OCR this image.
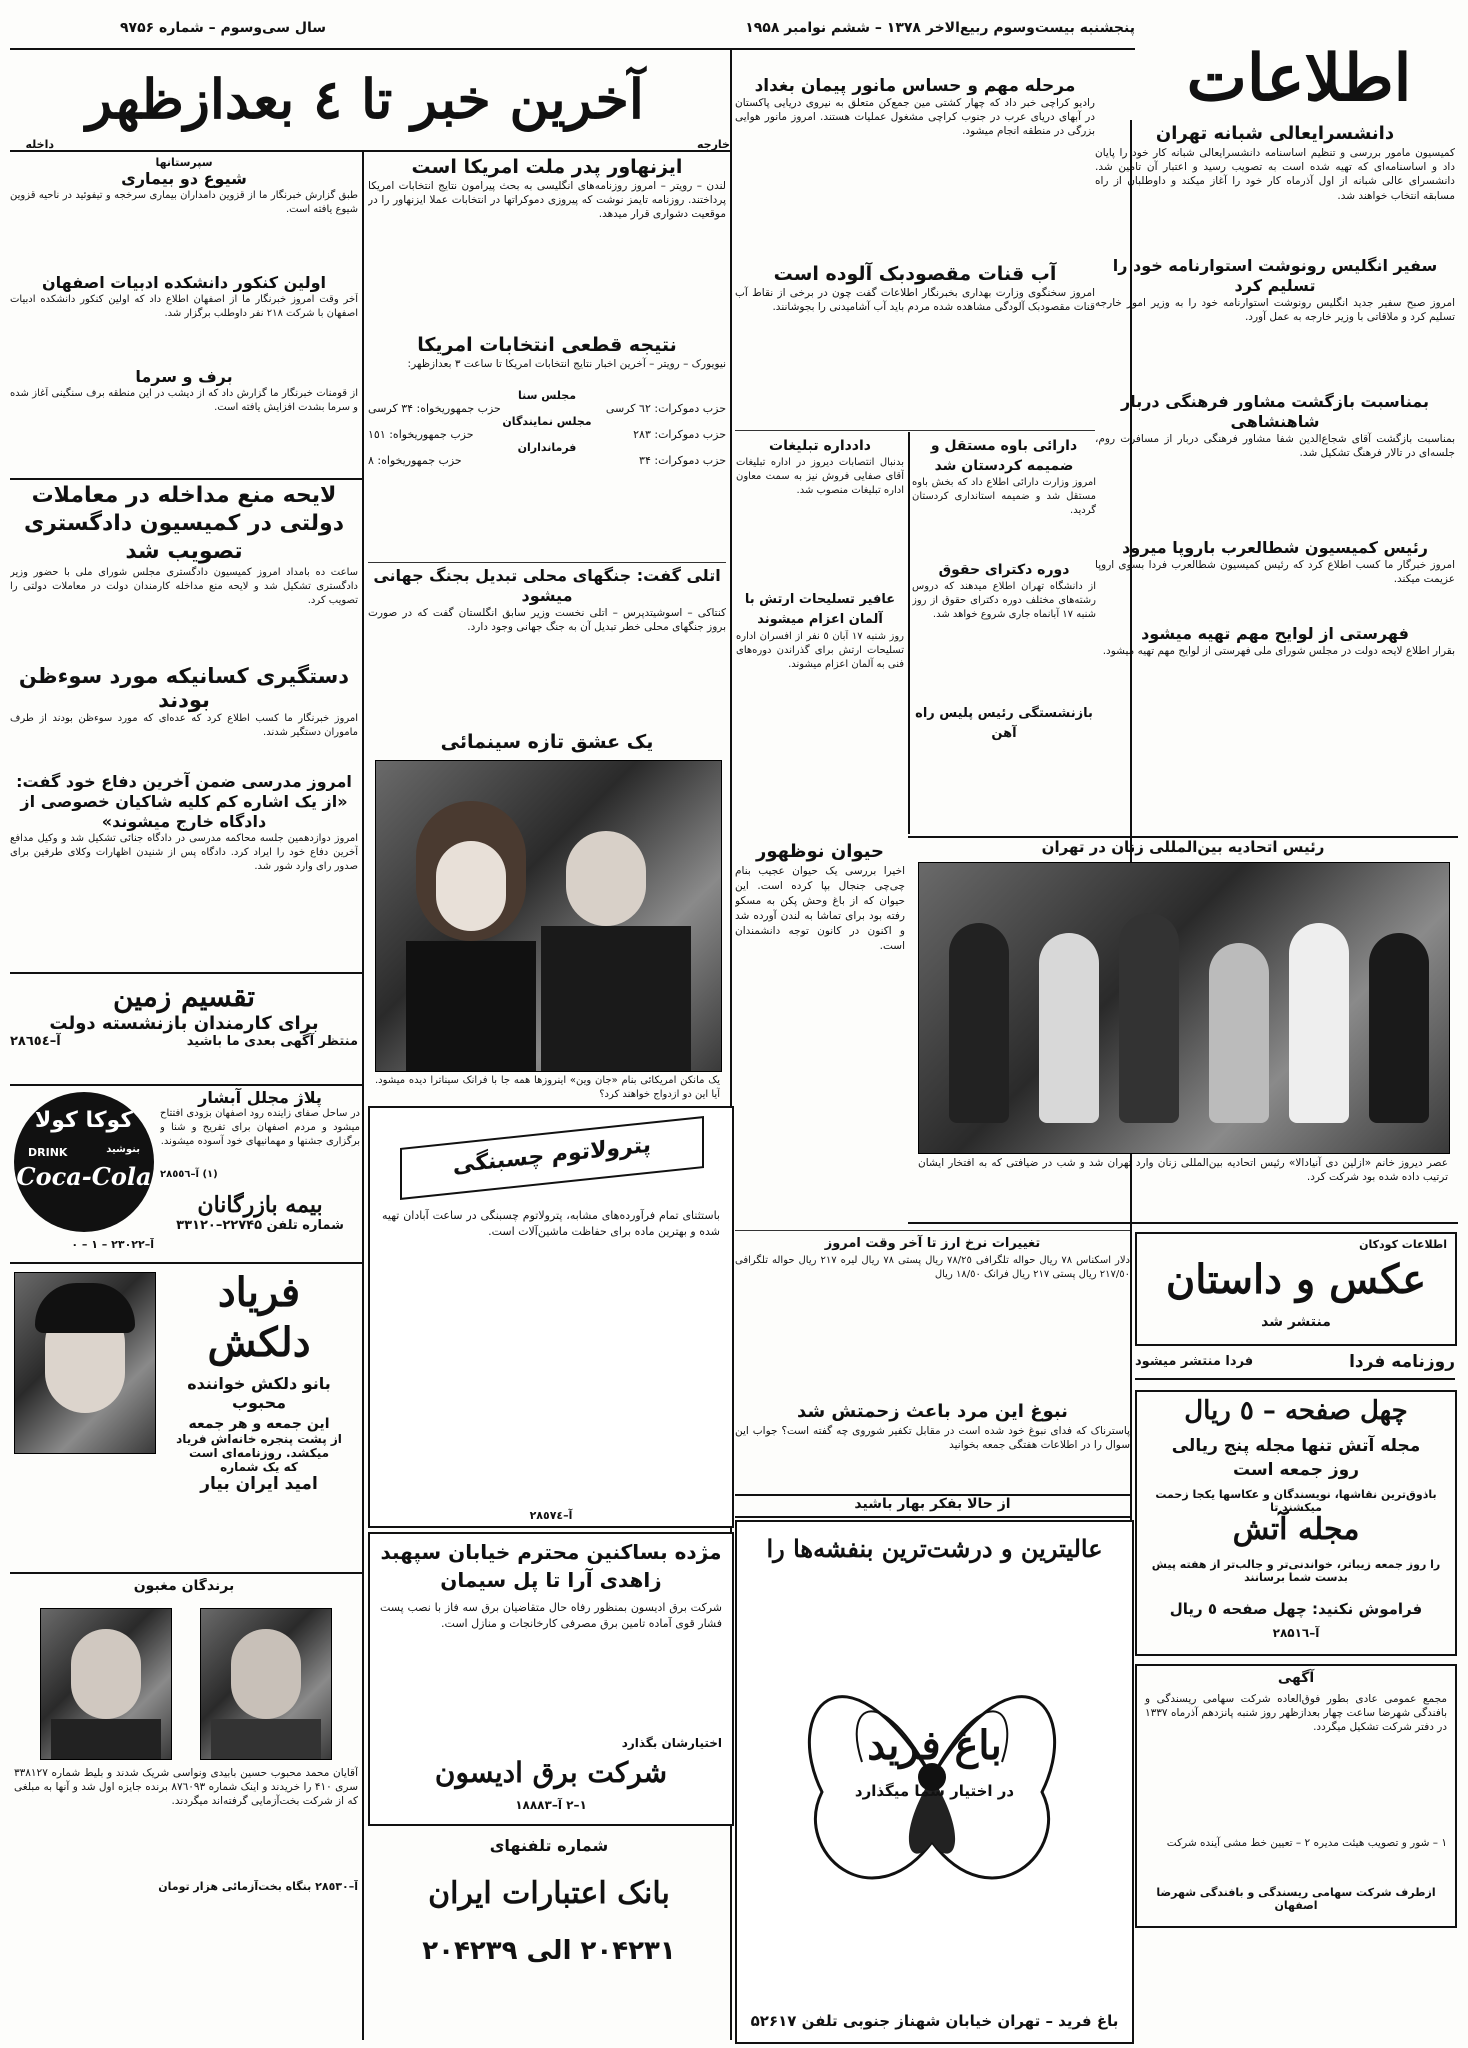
اطلاعات
پنجشنبه بیست‌وسوم ربیع‌الاخر ۱۳۷۸ – ششم نوامبر ۱۹۵۸
سال سی‌وسوم – شماره ۹۷۵۶
آخرین خبر تا ٤ بعدازظهر
داخله	خارجه
دانشسرایعالی شبانه تهران
کمیسیون مامور بررسی و تنظیم اساسنامه دانشسرایعالی شبانه کار خود را پایان داد و اساسنامه‌ای که تهیه شده است به تصویب رسید و اعتبار آن تامین شد. دانشسرای عالی شبانه از اول آذرماه کار خود را آغاز میکند و داوطلبان از راه مسابقه انتخاب خواهند شد.
سفیر انگلیس رونوشت استوارنامه خود را تسلیم کرد
امروز صبح سفیر جدید انگلیس رونوشت استوارنامه خود را به وزیر امور خارجه تسلیم کرد و ملاقاتی با وزیر خارجه به عمل آورد.
بمناسبت بازگشت مشاور فرهنگی دربار شاهنشاهی
بمناسبت بازگشت آقای شجاع‌الدین شفا مشاور فرهنگی دربار از مسافرت روم، جلسه‌ای در تالار فرهنگ تشکیل شد.
رئیس کمیسیون شطالعرب باروپا میرود
امروز خبرگار ما کسب اطلاع کرد که رئیس کمیسیون شطالعرب فردا بسوی اروپا عزیمت میکند.
فهرستی از لوایح مهم تهیه میشود
بقرار اطلاع لایحه دولت در مجلس شورای ملی فهرستی از لوایح مهم تهیه میشود.
رئیس اتحادیه بین‌المللی زنان در تهران
عصر دیروز خانم «ازلین دی آنیادالا» رئیس اتحادیه بین‌المللی زنان وارد تهران شد و شب در ضیافتی که به افتخار ایشان ترتیب داده شده بود شرکت کرد.
اطلاعات کودکان
عکس و داستان
منتشر شد
روزنامه فردا
فردا منتشر میشود
چهل صفحه – ٥ ریال
مجله آتش تنها مجله پنج ریالی
روز جمعه است
باذوق‌ترین نقاشها، نویسندگان و عکاسها یکجا زحمت میکشند تا
مجله آتش
را روز جمعه زیباتر، خواندنی‌تر و جالب‌تر از هفته پیش بدست شما برسانند
فراموش نکنید: چهل صفحه ٥ ریال
آ–۲۸۵۱٦
آگهی
مجمع عمومی عادی بطور فوق‌العاده شرکت سهامی ریسندگی و بافندگی شهرضا ساعت چهار بعدازظهر روز شنبه پانزدهم آذرماه ۱۳۳۷ در دفتر شرکت تشکیل میگردد.
۱ – شور و تصویب هیئت مدیره ۲ – تعیین خط مشی آینده شرکت
ازطرف شرکت سهامی ریسندگی و بافندگی شهرضا اصفهان
مرحله مهم و حساس مانور پیمان بغداد
رادیو کراچی خبر داد که چهار کشتی مین جمع‌کن متعلق به نیروی دریایی پاکستان در آبهای دریای عرب در جنوب کراچی مشغول عملیات هستند. امروز مانور هوایی بزرگی در منطقه انجام میشود.
آب قنات مقصودبک آلوده است
امروز سخنگوی وزارت بهداری بخبرنگار اطلاعات گفت چون در برخی از نقاط آب قنات مقصودبک آلودگی مشاهده شده مردم باید آب آشامیدنی را بجوشانند.
دارائی باوه مستقل و ضمیمه کردستان شد
امروز وزارت دارائی اطلاع داد که بخش باوه مستقل شد و ضمیمه استانداری کردستان گردید.
دوره دکترای حقوق
از دانشگاه تهران اطلاع میدهند که دروس رشته‌های مختلف دوره دکترای حقوق از روز شنبه ۱۷ آبانماه جاری شروع خواهد شد.
بازنشستگی رئیس پلیس راه آهن
دادداره تبلیغات
بدنبال انتصابات دیروز در اداره تبلیغات آقای صفایی فروش نیز به سمت معاون اداره تبلیغات منصوب شد.
عافیر تسلیحات ارتش با آلمان اعزام میشوند
روز شنبه ۱۷ آبان ٥ نفر از افسران اداره تسلیحات ارتش برای گذراندن دوره‌های فنی به آلمان اعزام میشوند.
حیوان نوظهور
اخیرا بررسی یک حیوان عجیب بنام چی‌چی جنجال بپا کرده است. این حیوان که از باغ وحش پکن به مسکو رفته بود برای تماشا به لندن آورده شد و اکنون در کانون توجه دانشمندان است.
پترولاتوم چسبنگی
باستثنای تمام فرآورده‌های مشابه، پترولاتوم چسبنگی در ساعت آبادان تهیه شده و بهترین ماده برای حفاظت ماشین‌آلات است.
آ–۲۸٥٧٤
تغییرات نرخ ارز تا آخر وقت امروز
دلار اسکناس ۷۸ ریال حواله تلگرافی ۷۸/۲٥ ریال پستی ۷۸ ریال لیره ۲۱۷ ریال حواله تلگرافی ۲۱۷/٥۰ ریال پستی ۲۱۷ ریال فرانک ۱۸/٥۰ ریال
نبوغ این مرد باعث زحمتش شد
پاسترناک که فدای نبوغ خود شده است در مقابل تکفیر شوروی چه گفته است؟ جواب این سوال را در اطلاعات هفتگی جمعه بخوانید
از حالا بفکر بهار باشید
عالیترین و درشت‌ترین بنفشه‌ها را
باغ فرید
در اختیار شما میگذارد
باغ فرید – تهران خیابان شهناز جنوبی تلفن ۵۲۶۱۷
ایزنهاور پدر ملت امریکا است
لندن – رویتر – امروز روزنامه‌های انگلیسی به بحث پیرامون نتایج انتخابات امریکا پرداختند. روزنامه تایمز نوشت که پیروزی دموکراتها در انتخابات عملا ایزنهاور را در موقعیت دشواری قرار میدهد.
نتیجه قطعی انتخابات امریکا
نیویورک – رویتر – آخرین اخبار نتایج انتخابات امریکا تا ساعت ۳ بعدازظهر:
مجلس سنا
حزب دموکرات: ٦۲ کرسی
حزب جمهوریخواه: ۳۴ کرسی
مجلس نمایندگان
حزب دموکرات: ۲۸۳
حزب جمهوریخواه: ۱٥۱
فرمانداران
حزب دموکرات: ۳۴
حزب جمهوریخواه: ۸
اتلی گفت: جنگهای محلی تبدیل بجنگ جهانی میشود
کنتاکی – اسوشیتدپرس – اتلی نخست وزیر سابق انگلستان گفت که در صورت بروز جنگهای محلی خطر تبدیل آن به جنگ جهانی وجود دارد.
یک عشق تازه سینمائی
یک مانکن امریکائی بنام «جان وین» اینروزها همه جا با فرانک سیناترا دیده میشود. آیا این دو ازدواج خواهند کرد؟
مژده بساکنین محترم خیابان سپهبد زاهدی آرا تا پل سیمان
شرکت برق ادیسون بمنظور رفاه حال متقاضیان برق سه فاز با نصب پست فشار قوی آماده تامین برق مصرفی کارخانجات و منازل است.
اختیارشان بگذارد
شرکت برق ادیسون
۱–۲ آ–۱۸۸۸۳
شماره تلفنهای
بانک اعتبارات ایران
۲۰۴۲۳۱ الی ۲۰۴۲۳۹
سپرستانها
شیوع دو بیماری
طبق گزارش خبرنگار ما از قزوین دامداران بیماری سرخجه و تیفوئید در ناحیه قزوین شیوع یافته است.
اولین کنکور دانشکده ادبیات اصفهان
آخر وقت امروز خبرنگار ما از اصفهان اطلاع داد که اولین کنکور دانشکده ادبیات اصفهان با شرکت ۲۱۸ نفر داوطلب برگزار شد.
برف و سرما
از قومنات خبرنگار ما گزارش داد که از دیشب در این منطقه برف سنگینی آغاز شده و سرما بشدت افزایش یافته است.
لایحه منع مداخله در معاملات دولتی در کمیسیون دادگستری تصویب شد
ساعت ده بامداد امروز کمیسیون دادگستری مجلس شورای ملی با حضور وزیر دادگستری تشکیل شد و لایحه منع مداخله کارمندان دولت در معاملات دولتی را تصویب کرد.
دستگیری کسانیکه مورد سوءظن بودند
امروز خبرنگار ما کسب اطلاع کرد که عده‌ای که مورد سوءظن بودند از طرف ماموران دستگیر شدند.
امروز مدرسی ضمن آخرین دفاع خود گفت: «از یک اشاره کم کلیه شاکیان خصوصی از دادگاه خارج میشوند»
امروز دوازدهمین جلسه محاکمه مدرسی در دادگاه جنائی تشکیل شد و وکیل مدافع آخرین دفاع خود را ایراد کرد. دادگاه پس از شنیدن اظهارات وکلای طرفین برای صدور رای وارد شور شد.
تقسیم زمین
برای کارمندان بازنشسته دولت
منتظر آگهی بعدی ما باشید
آ–۲۸٦٥٤
پلاژ مجلل آبشار
در ساحل صفای زاینده رود اصفهان بزودی افتتاح میشود و مردم اصفهان برای تفریح و شنا و برگزاری جشنها و مهمانیهای خود آسوده میشوند.
(۱) آ–۲۸٥٥٦
کوکا کولا
DRINK	بنوشید
Coca-Cola
بیمه بازرگانان
شماره تلفن ۲۲۷۴۵–۳۳۱۲۰
آ–۲۳۰۲۲ – ۱ – ۰
فریاد
دلکش
بانو دلکش خواننده
محبوب
این جمعه و هر جمعه
از پشت پنجره خانه‌اش فریاد میکشد. روزنامه‌ای است
که یک شماره
امید ایران بیار
برندگان مغبون
آقایان محمد محبوب حسین بابیدی ونواسی شریک شدند و بلیط شماره ۳۳۸۱۲۷ سری ۴۱۰ را خریدند و اینک شماره ۸۷٦۰۹۳ برنده جایزه اول شد و آنها به مبلغی که از شرکت بخت‌آزمایی گرفته‌اند میگردند.
آ–۲۸٥۳۰ بنگاه بخت‌آزمائی هزار تومان
